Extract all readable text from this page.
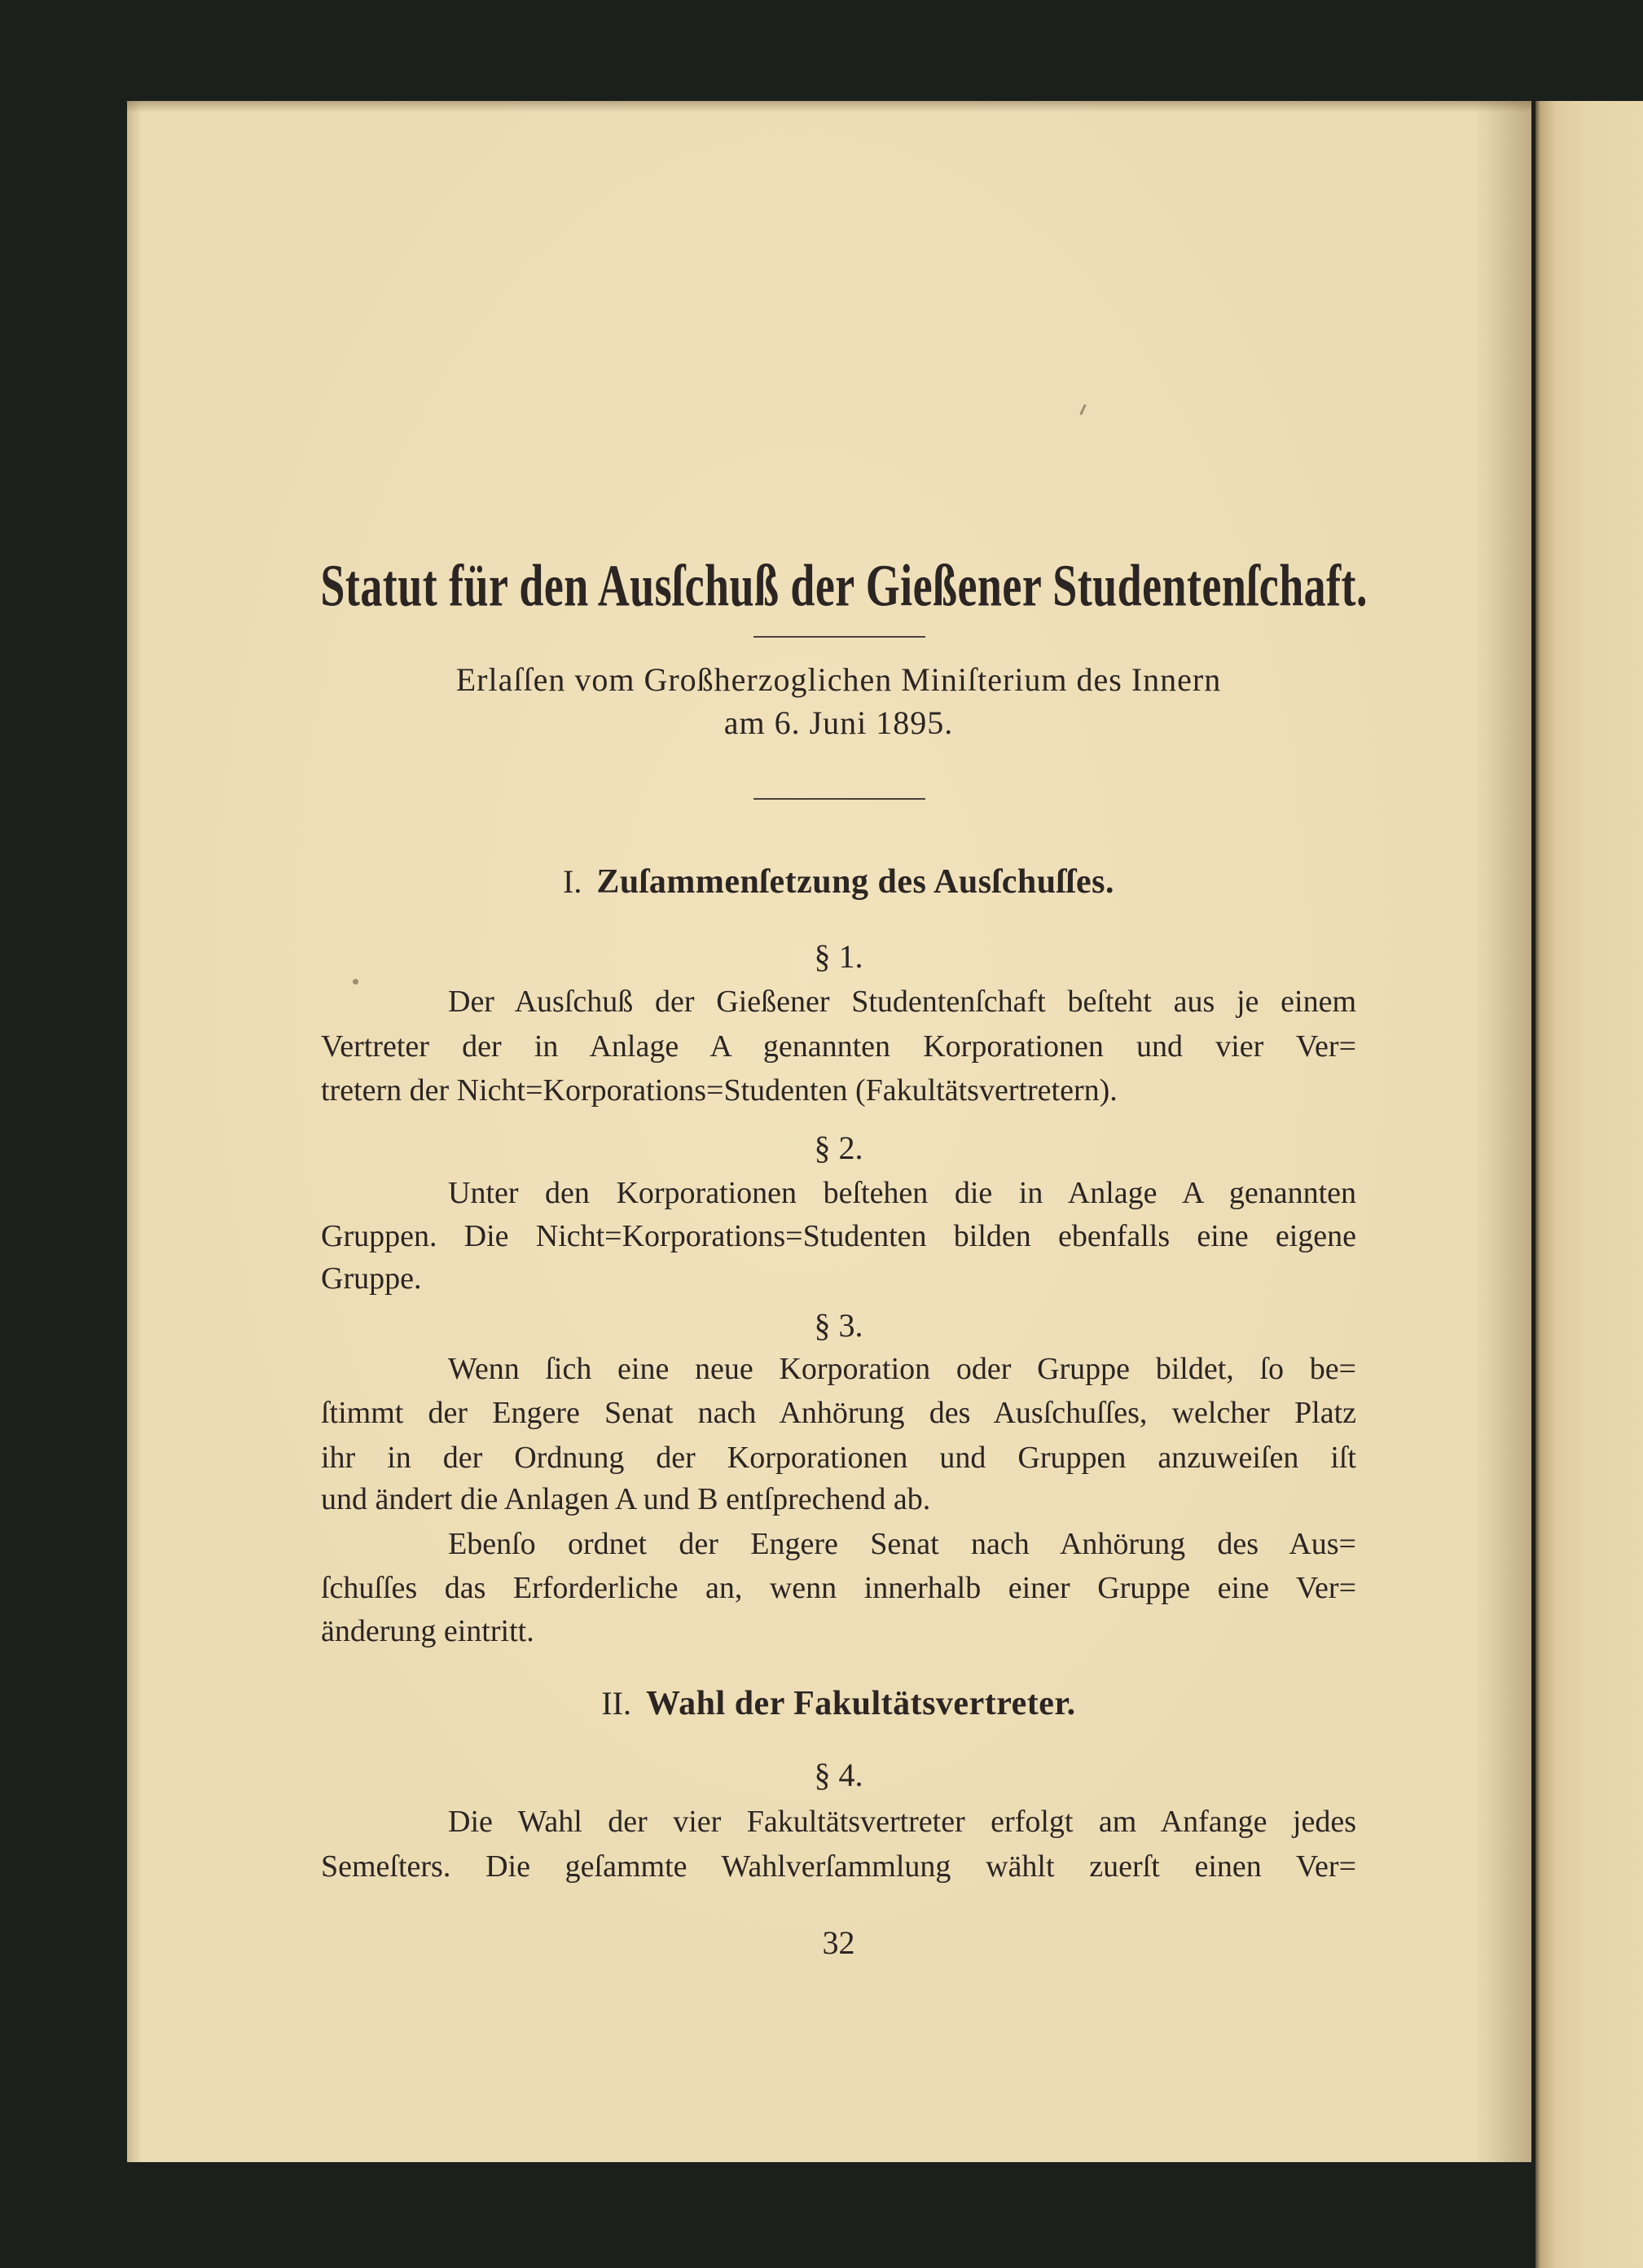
Statut für den Ausſchuß der Gießener Studentenſchaft.
Erlaſſen vom Großherzoglichen Miniſterium des Innern
am 6. Juni 1895.
I. Zuſammenſetzung des Ausſchuſſes.
§ 1.
Der Ausſchuß der Gießener Studentenſchaft beſteht aus je einem
Vertreter der in Anlage A genannten Korporationen und vier Ver=
tretern der Nicht=Korporations=Studenten (Fakultätsvertretern).
§ 2.
Unter den Korporationen beſtehen die in Anlage A genannten
Gruppen. Die Nicht=Korporations=Studenten bilden ebenfalls eine eigene
Gruppe.
§ 3.
Wenn ſich eine neue Korporation oder Gruppe bildet, ſo be=
ſtimmt der Engere Senat nach Anhörung des Ausſchuſſes, welcher Platz
ihr in der Ordnung der Korporationen und Gruppen anzuweiſen iſt
und ändert die Anlagen A und B entſprechend ab.
Ebenſo ordnet der Engere Senat nach Anhörung des Aus=
ſchuſſes das Erforderliche an, wenn innerhalb einer Gruppe eine Ver=
änderung eintritt.
II. Wahl der Fakultätsvertreter.
§ 4.
Die Wahl der vier Fakultätsvertreter erfolgt am Anfange jedes
Semeſters. Die geſammte Wahlverſammlung wählt zuerſt einen Ver=
32
